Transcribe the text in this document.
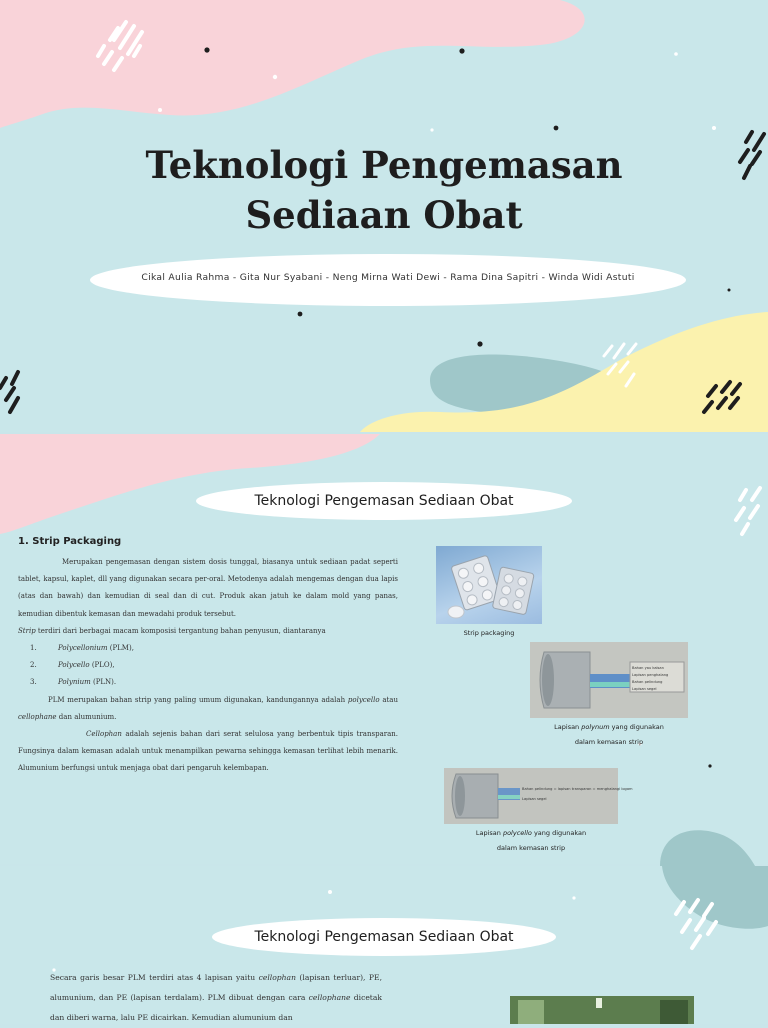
Teknologi Pengemasan
Sediaan Obat
Cikal Aulia Rahma - Gita Nur Syabani - Neng Mirna Wati Dewi - Rama Dina Sapitri - Winda Widi Astuti
Teknologi Pengemasan Sediaan Obat
1. Strip Packaging

Merupakan pengemasan dengan sistem dosis tunggal, biasanya untuk sediaan padat seperti tablet, kapsul, kaplet, dll yang digunakan secara per-oral. Metodenya adalah mengemas dengan dua lapis (atas dan bawah) dan kemudian di seal dan di cut. Produk akan jatuh ke dalam mold yang panas, kemudian dibentuk kemasan dan mewadahi produk tersebut.

Strip terdiri dari berbagai macam komposisi tergantung bahan penyusun, diantaranya

1.	Polycellonium (PLM),
2.	Polycello (PLO),
3.	Polynium (PLN).

PLM merupakan bahan strip yang paling umum digunakan, kandungannya adalah polycello atau cellophane dan alumunium.

Cellophan adalah sejenis bahan dari serat selulosa yang berbentuk tipis transparan. Fungsinya dalam kemasan adalah untuk menampilkan pewarna sehingga kemasan terlihat lebih menarik. Alumunium berfungsi untuk menjaga obat dari pengaruh kelembapan.

Strip packaging
Bahan yau kalsan
Lapisan penghalang
Bahan pelindung
Lapisan segel
Lapisan polynum yang digunakan
dalam kemasan strip
Bahan pelindung = lapisan transparan = menghalangi logam
Lapisan segel
Lapisan polycello yang digunakan
dalam kemasan strip
Teknologi Pengemasan Sediaan Obat

Secara garis besar PLM terdiri atas 4 lapisan yaitu cellophan (lapisan terluar), PE, alumunium, dan PE (lapisan terdalam). PLM dibuat dengan cara cellophane dicetak dan diberi warna, lalu PE dicairkan. Kemudian alumunium dan
